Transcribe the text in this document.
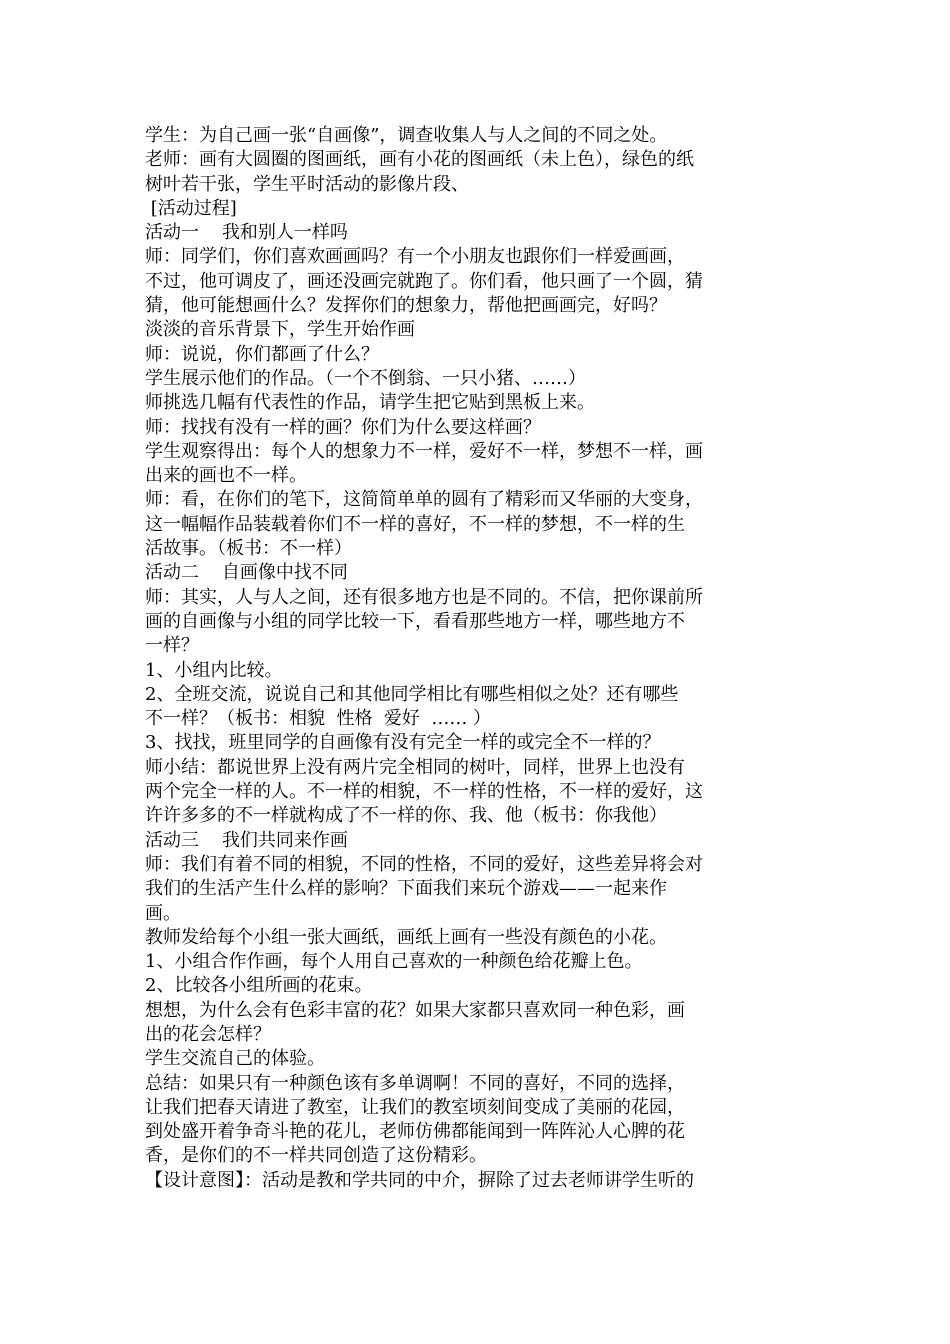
学生：为自己画一张“自画像”，调查收集人与人之间的不同之处。
老师：画有大圆圈的图画纸，画有小花的图画纸（未上色），绿色的纸
树叶若干张，学生平时活动的影像片段、
[活动过程]
活动一    我和别人一样吗
师：同学们，你们喜欢画画吗？有一个小朋友也跟你们一样爱画画，
不过，他可调皮了，画还没画完就跑了。你们看，他只画了一个圆，猜
猜，他可能想画什么？发挥你们的想象力，帮他把画画完，好吗？
淡淡的音乐背景下，学生开始作画
师：说说，你们都画了什么？
学生展示他们的作品。（一个不倒翁、一只小猪、……）
师挑选几幅有代表性的作品，请学生把它贴到黑板上来。
师：找找有没有一样的画？你们为什么要这样画？
学生观察得出：每个人的想象力不一样，爱好不一样，梦想不一样，画
出来的画也不一样。
师：看，在你们的笔下，这简简单单的圆有了精彩而又华丽的大变身，
这一幅幅作品装载着你们不一样的喜好，不一样的梦想，不一样的生
活故事。（板书：不一样）
活动二    自画像中找不同
师：其实，人与人之间，还有很多地方也是不同的。不信，把你课前所
画的自画像与小组的同学比较一下，看看那些地方一样，哪些地方不
一样？
1、小组内比较。
2、全班交流，说说自己和其他同学相比有哪些相似之处？还有哪些
不一样？（板书：相貌  性格  爱好  …… ）
3、找找，班里同学的自画像有没有完全一样的或完全不一样的？
师小结：都说世界上没有两片完全相同的树叶，同样，世界上也没有
两个完全一样的人。不一样的相貌，不一样的性格，不一样的爱好，这
许许多多的不一样就构成了不一样的你、我、他（板书：你我他）
活动三    我们共同来作画
师：我们有着不同的相貌，不同的性格，不同的爱好，这些差异将会对
我们的生活产生什么样的影响？下面我们来玩个游戏——一起来作
画。
教师发给每个小组一张大画纸，画纸上画有一些没有颜色的小花。
1、小组合作作画，每个人用自己喜欢的一种颜色给花瓣上色。
2、比较各小组所画的花束。
想想，为什么会有色彩丰富的花？如果大家都只喜欢同一种色彩，画
出的花会怎样？
学生交流自己的体验。
总结：如果只有一种颜色该有多单调啊！不同的喜好，不同的选择，
让我们把春天请进了教室，让我们的教室顷刻间变成了美丽的花园，
到处盛开着争奇斗艳的花儿，老师仿佛都能闻到一阵阵沁人心脾的花
香，是你们的不一样共同创造了这份精彩。
【设计意图】：活动是教和学共同的中介，摒除了过去老师讲学生听的
